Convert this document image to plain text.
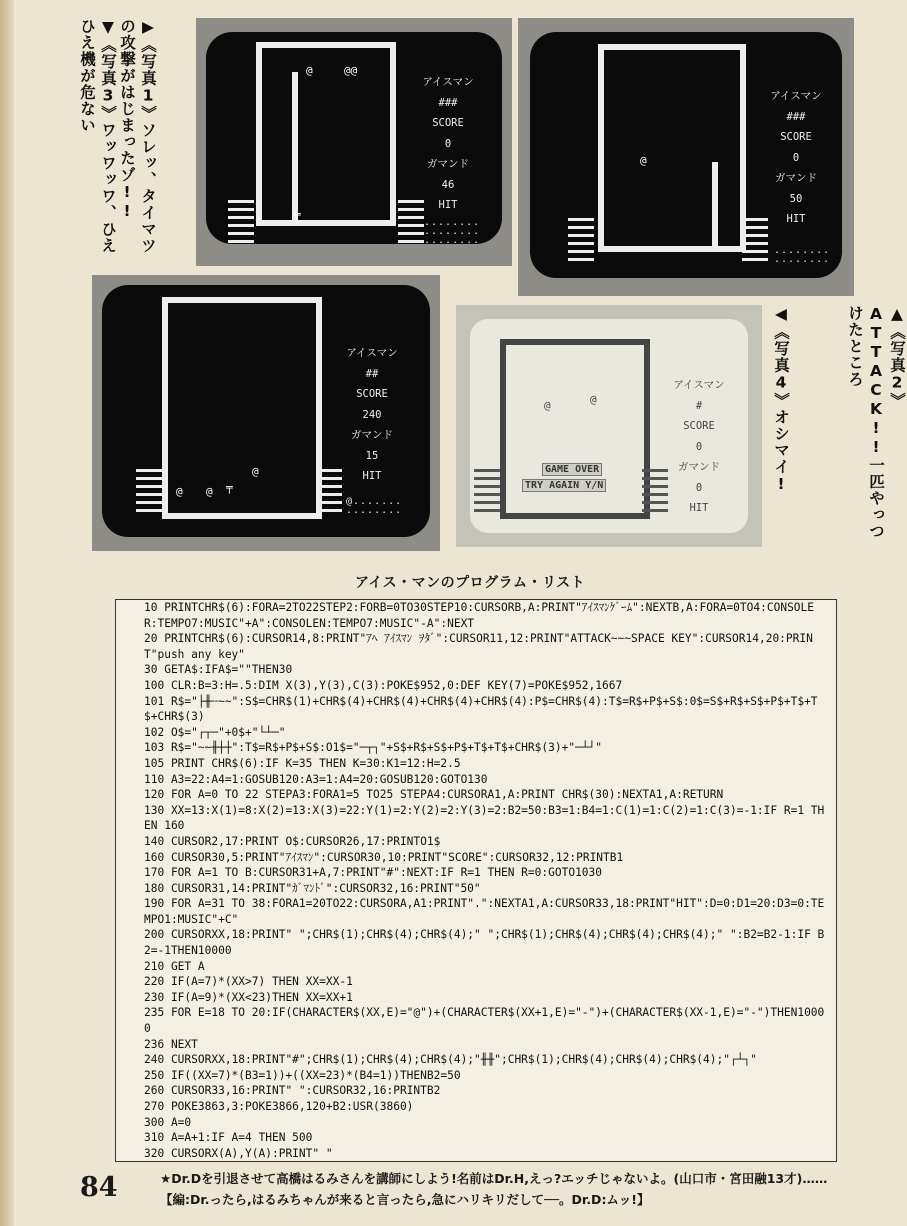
▶《写真1》ソレッ、タイマツの攻撃がはじまったゾ!!
▼《写真3》ワッワッワ、ひえひえ機が危ない
▲《写真2》ATTACK!!一匹やっつけたところ
◀《写真4》オシマイ!
╤
@	@@
アイスマン
###
SCORE
0
ガマンド
46
HIT
........
........
........
@
アイスマン
###
SCORE
0
ガマンド
50
HIT
........
........
@ @
@
╤
アイスマン
##
SCORE
240
ガマンド
15
HIT
@.......
........
@	@
GAME OVER
TRY AGAIN Y/N
アイスマン
#
SCORE
0
ガマンド
0
HIT
アイス・マンのプログラム・リスト
10 PRINTCHR$(6):FORA=2TO22STEP2:FORB=0TO30STEP10:CURSORB,A:PRINT"ｱｲｽﾏﾝｹﾞｰﾑ":NEXTB,A:FORA=0TO4:CONSOLER:TEMPO7:MUSIC"+A":CONSOLEN:TEMPO7:MUSIC"-A":NEXT
20 PRINTCHR$(6):CURSOR14,8:PRINT"ｱﾍ ｱｲｽﾏﾝ ｦﾀﾞ":CURSOR11,12:PRINT"ATTACK~~~SPACE KEY":CURSOR14,20:PRINT"push any key"
30 GETA$:IFA$=""THEN30
100 CLR:B=3:H=.5:DIM X(3),Y(3),C(3):POKE$952,0:DEF KEY(7)=POKE$952,1667
101 R$="├╫╌~~":S$=CHR$(1)+CHR$(4)+CHR$(4)+CHR$(4)+CHR$(4):P$=CHR$(4):T$=R$+P$+S$:0$=S$+R$+S$+P$+T$+T$+CHR$(3)
102 O$="┌┬─"+0$+"└┴─"
103 R$="~~╫┼┼":T$=R$+P$+S$:O1$="─┬┐"+S$+R$+S$+P$+T$+T$+CHR$(3)+"─┴┘"
105 PRINT CHR$(6):IF K=35 THEN K=30:K1=12:H=2.5
110 A3=22:A4=1:GOSUB120:A3=1:A4=20:GOSUB120:GOTO130
120 FOR A=0 TO 22 STEPA3:FORA1=5 TO25 STEPA4:CURSORA1,A:PRINT CHR$(30):NEXTA1,A:RETURN
130 XX=13:X(1)=8:X(2)=13:X(3)=22:Y(1)=2:Y(2)=2:Y(3)=2:B2=50:B3=1:B4=1:C(1)=1:C(2)=1:C(3)=-1:IF R=1 THEN 160
140 CURSOR2,17:PRINT O$:CURSOR26,17:PRINTO1$
160 CURSOR30,5:PRINT"ｱｲｽﾏﾝ":CURSOR30,10:PRINT"SCORE":CURSOR32,12:PRINTB1
170 FOR A=1 TO B:CURSOR31+A,7:PRINT"#":NEXT:IF R=1 THEN R=0:GOTO1030
180 CURSOR31,14:PRINT"ｶﾞﾏﾝﾄﾞ":CURSOR32,16:PRINT"50"
190 FOR A=31 TO 38:FORA1=20TO22:CURSORA,A1:PRINT".":NEXTA1,A:CURSOR33,18:PRINT"HIT":D=0:D1=20:D3=0:TEMPO1:MUSIC"+C"
200 CURSORXX,18:PRINT" ";CHR$(1);CHR$(4);CHR$(4);" ";CHR$(1);CHR$(4);CHR$(4);CHR$(4);" ":B2=B2-1:IF B2=-1THEN10000
210 GET A
220 IF(A=7)*(XX>7) THEN XX=XX-1
230 IF(A=9)*(XX<23)THEN XX=XX+1
235 FOR E=18 TO 20:IF(CHARACTER$(XX,E)="@")+(CHARACTER$(XX+1,E)="-")+(CHARACTER$(XX-1,E)="-")THEN10000
236 NEXT
240 CURSORXX,18:PRINT"#";CHR$(1);CHR$(4);CHR$(4);"╫╫";CHR$(1);CHR$(4);CHR$(4);CHR$(4);"┌┴┐"
250 IF((XX=7)*(B3=1))+((XX=23)*(B4=1))THENB2=50
260 CURSOR33,16:PRINT" ":CURSOR32,16:PRINTB2
270 POKE3863,3:POKE3866,120+B2:USR(3860)
300 A=0
310 A=A+1:IF A=4 THEN 500
320 CURSORX(A),Y(A):PRINT" "
84	★Dr.Dを引退させて高橋はるみさんを講師にしよう!名前はDr.H,えっ?エッチじゃないよ。(山口市・宮田融13才)……【編:Dr.ったら,はるみちゃんが来ると言ったら,急にハリキリだして──。Dr.D:ムッ!】
